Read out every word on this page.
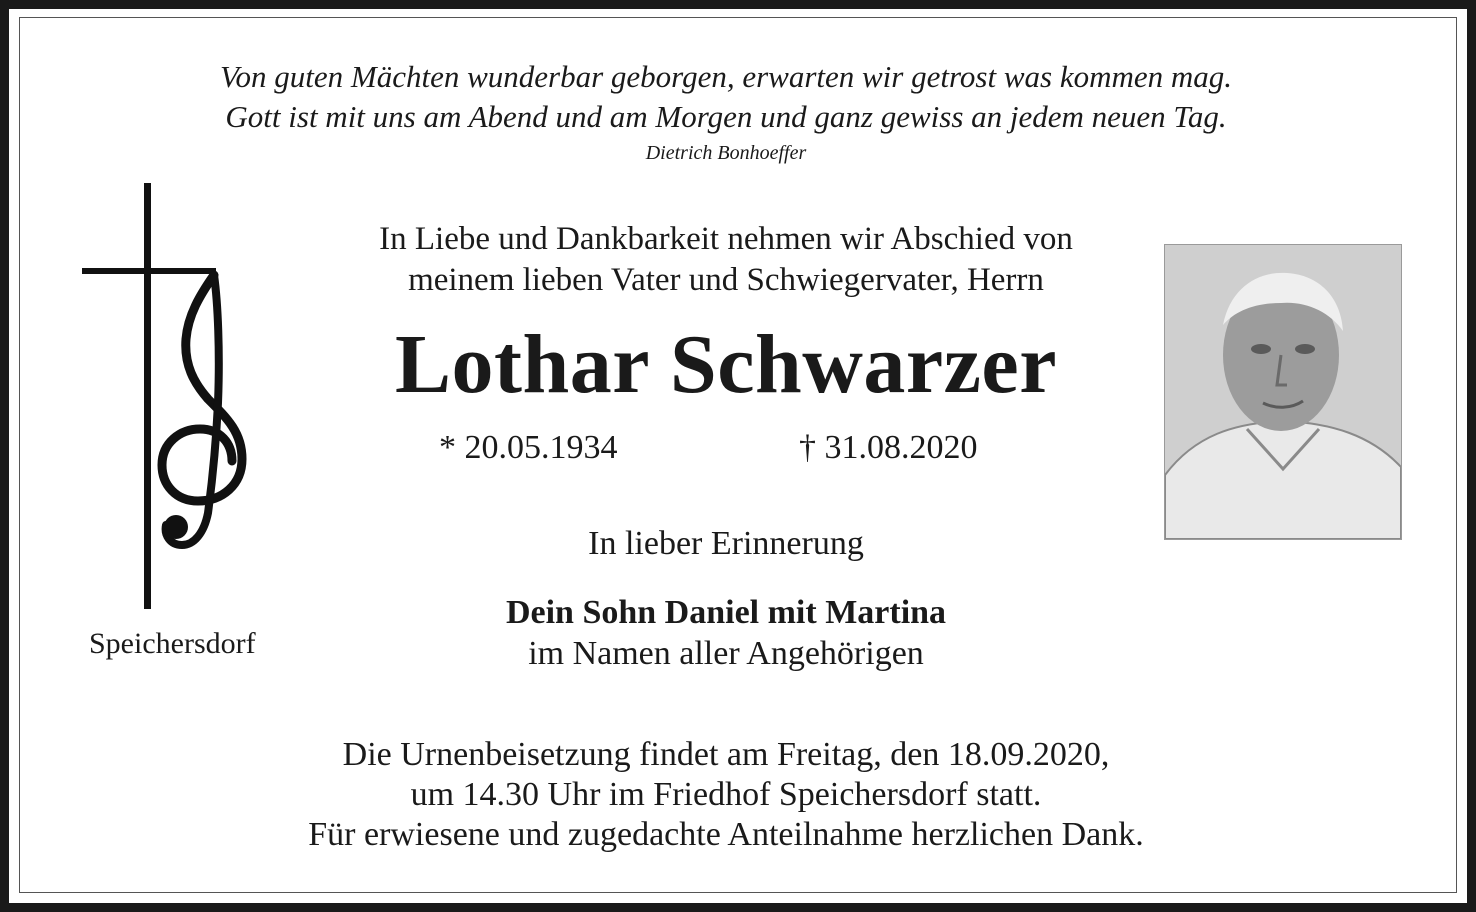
Von guten Mächten wunderbar geborgen, erwarten wir getrost was kommen mag.
Gott ist mit uns am Abend und am Morgen und ganz gewiss an jedem neuen Tag.
Dietrich Bonhoeffer
Speichersdorf
In Liebe und Dankbarkeit nehmen wir Abschied von
meinem lieben Vater und Schwiegervater, Herrn
Lothar Schwarzer
* 20.05.1934	† 31.08.2020
In lieber Erinnerung
Dein Sohn Daniel mit Martina
im Namen aller Angehörigen
Die Urnenbeisetzung findet am Freitag, den 18.09.2020,
um 14.30 Uhr im Friedhof Speichersdorf statt.
Für erwiesene und zugedachte Anteilnahme herzlichen Dank.
